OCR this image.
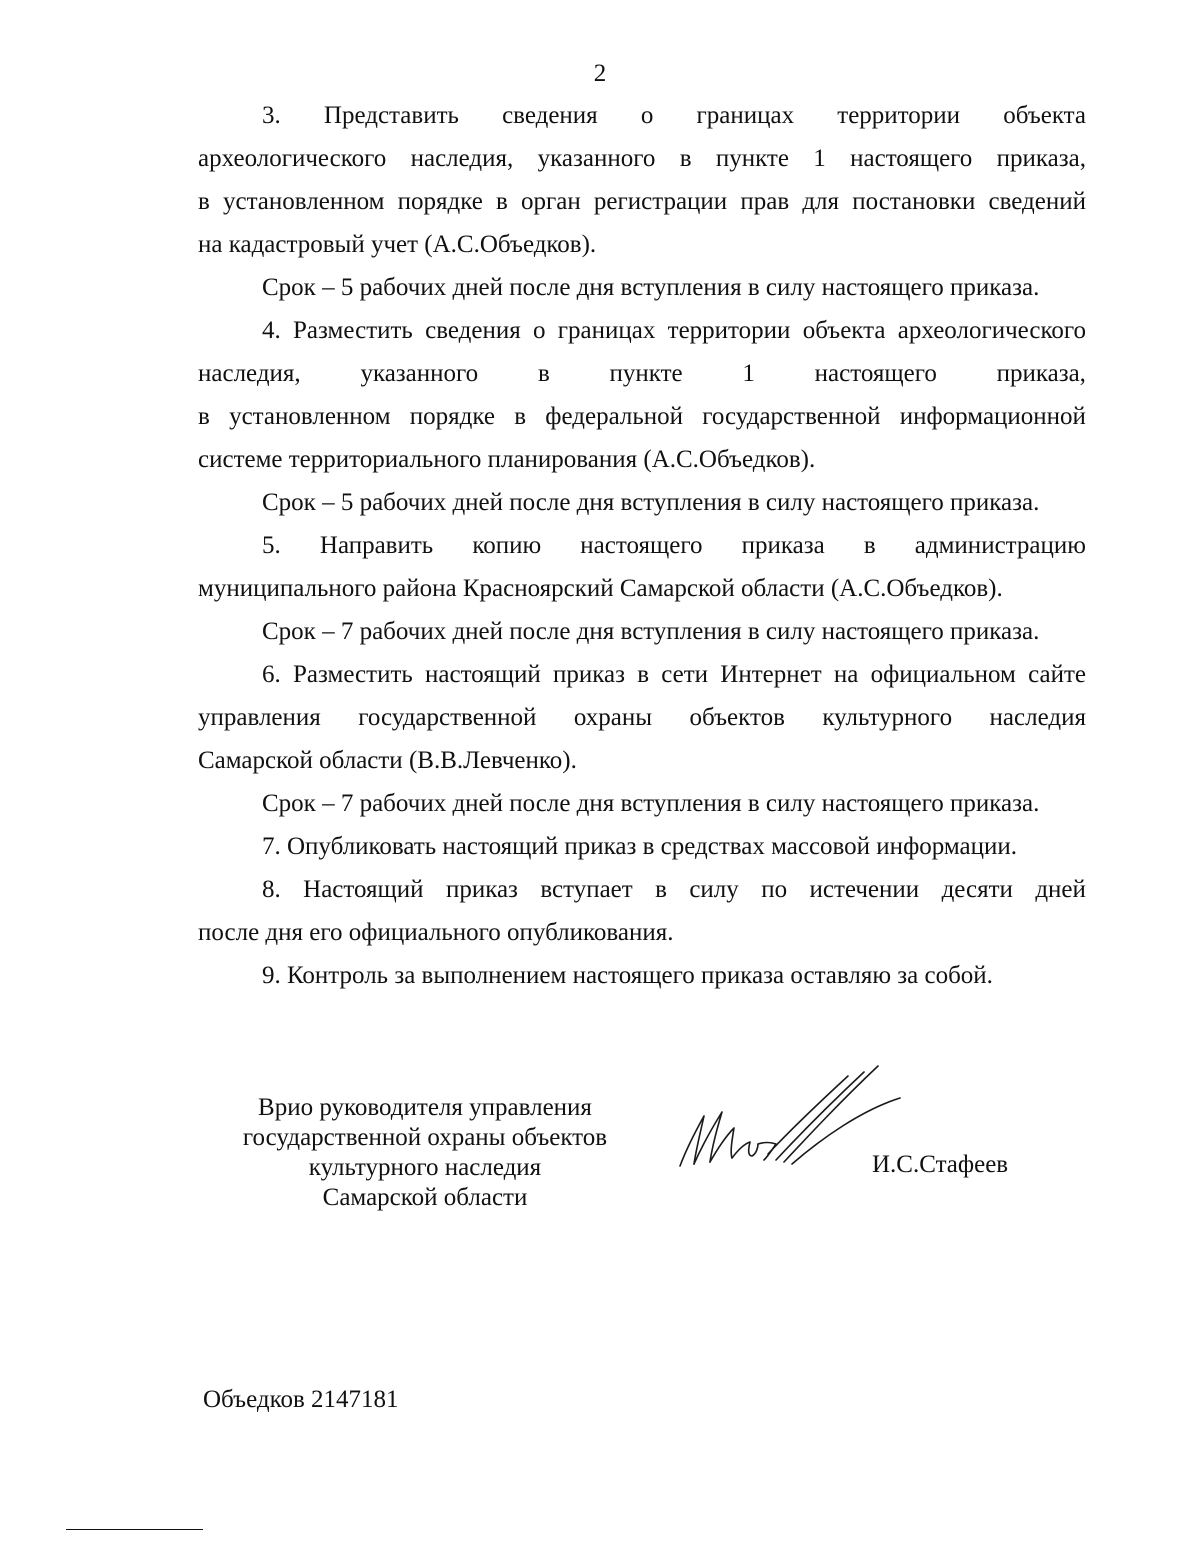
2
3. Представить сведения о границах территории объекта
археологического наследия, указанного в пункте 1 настоящего приказа,
в установленном порядке в орган регистрации прав для постановки сведений
на кадастровый учет (А.С.Объедков).
Срок – 5 рабочих дней после дня вступления в силу настоящего приказа.
4. Разместить сведения о границах территории объекта археологического
наследия, указанного в пункте 1 настоящего приказа,
в установленном порядке в федеральной государственной информационной
системе территориального планирования (А.С.Объедков).
Срок – 5 рабочих дней после дня вступления в силу настоящего приказа.
5. Направить копию настоящего приказа в администрацию
муниципального района Красноярский Самарской области (А.С.Объедков).
Срок – 7 рабочих дней после дня вступления в силу настоящего приказа.
6. Разместить настоящий приказ в сети Интернет на официальном сайте
управления государственной охраны объектов культурного наследия
Самарской области (В.В.Левченко).
Срок – 7 рабочих дней после дня вступления в силу настоящего приказа.
7. Опубликовать настоящий приказ в средствах массовой информации.
8. Настоящий приказ вступает в силу по истечении десяти дней
после дня его официального опубликования.
9. Контроль за выполнением настоящего приказа оставляю за собой.
Врио руководителя управления
государственной охраны объектов
культурного наследия
Самарской области
И.С.Стафеев
Объедков 2147181
